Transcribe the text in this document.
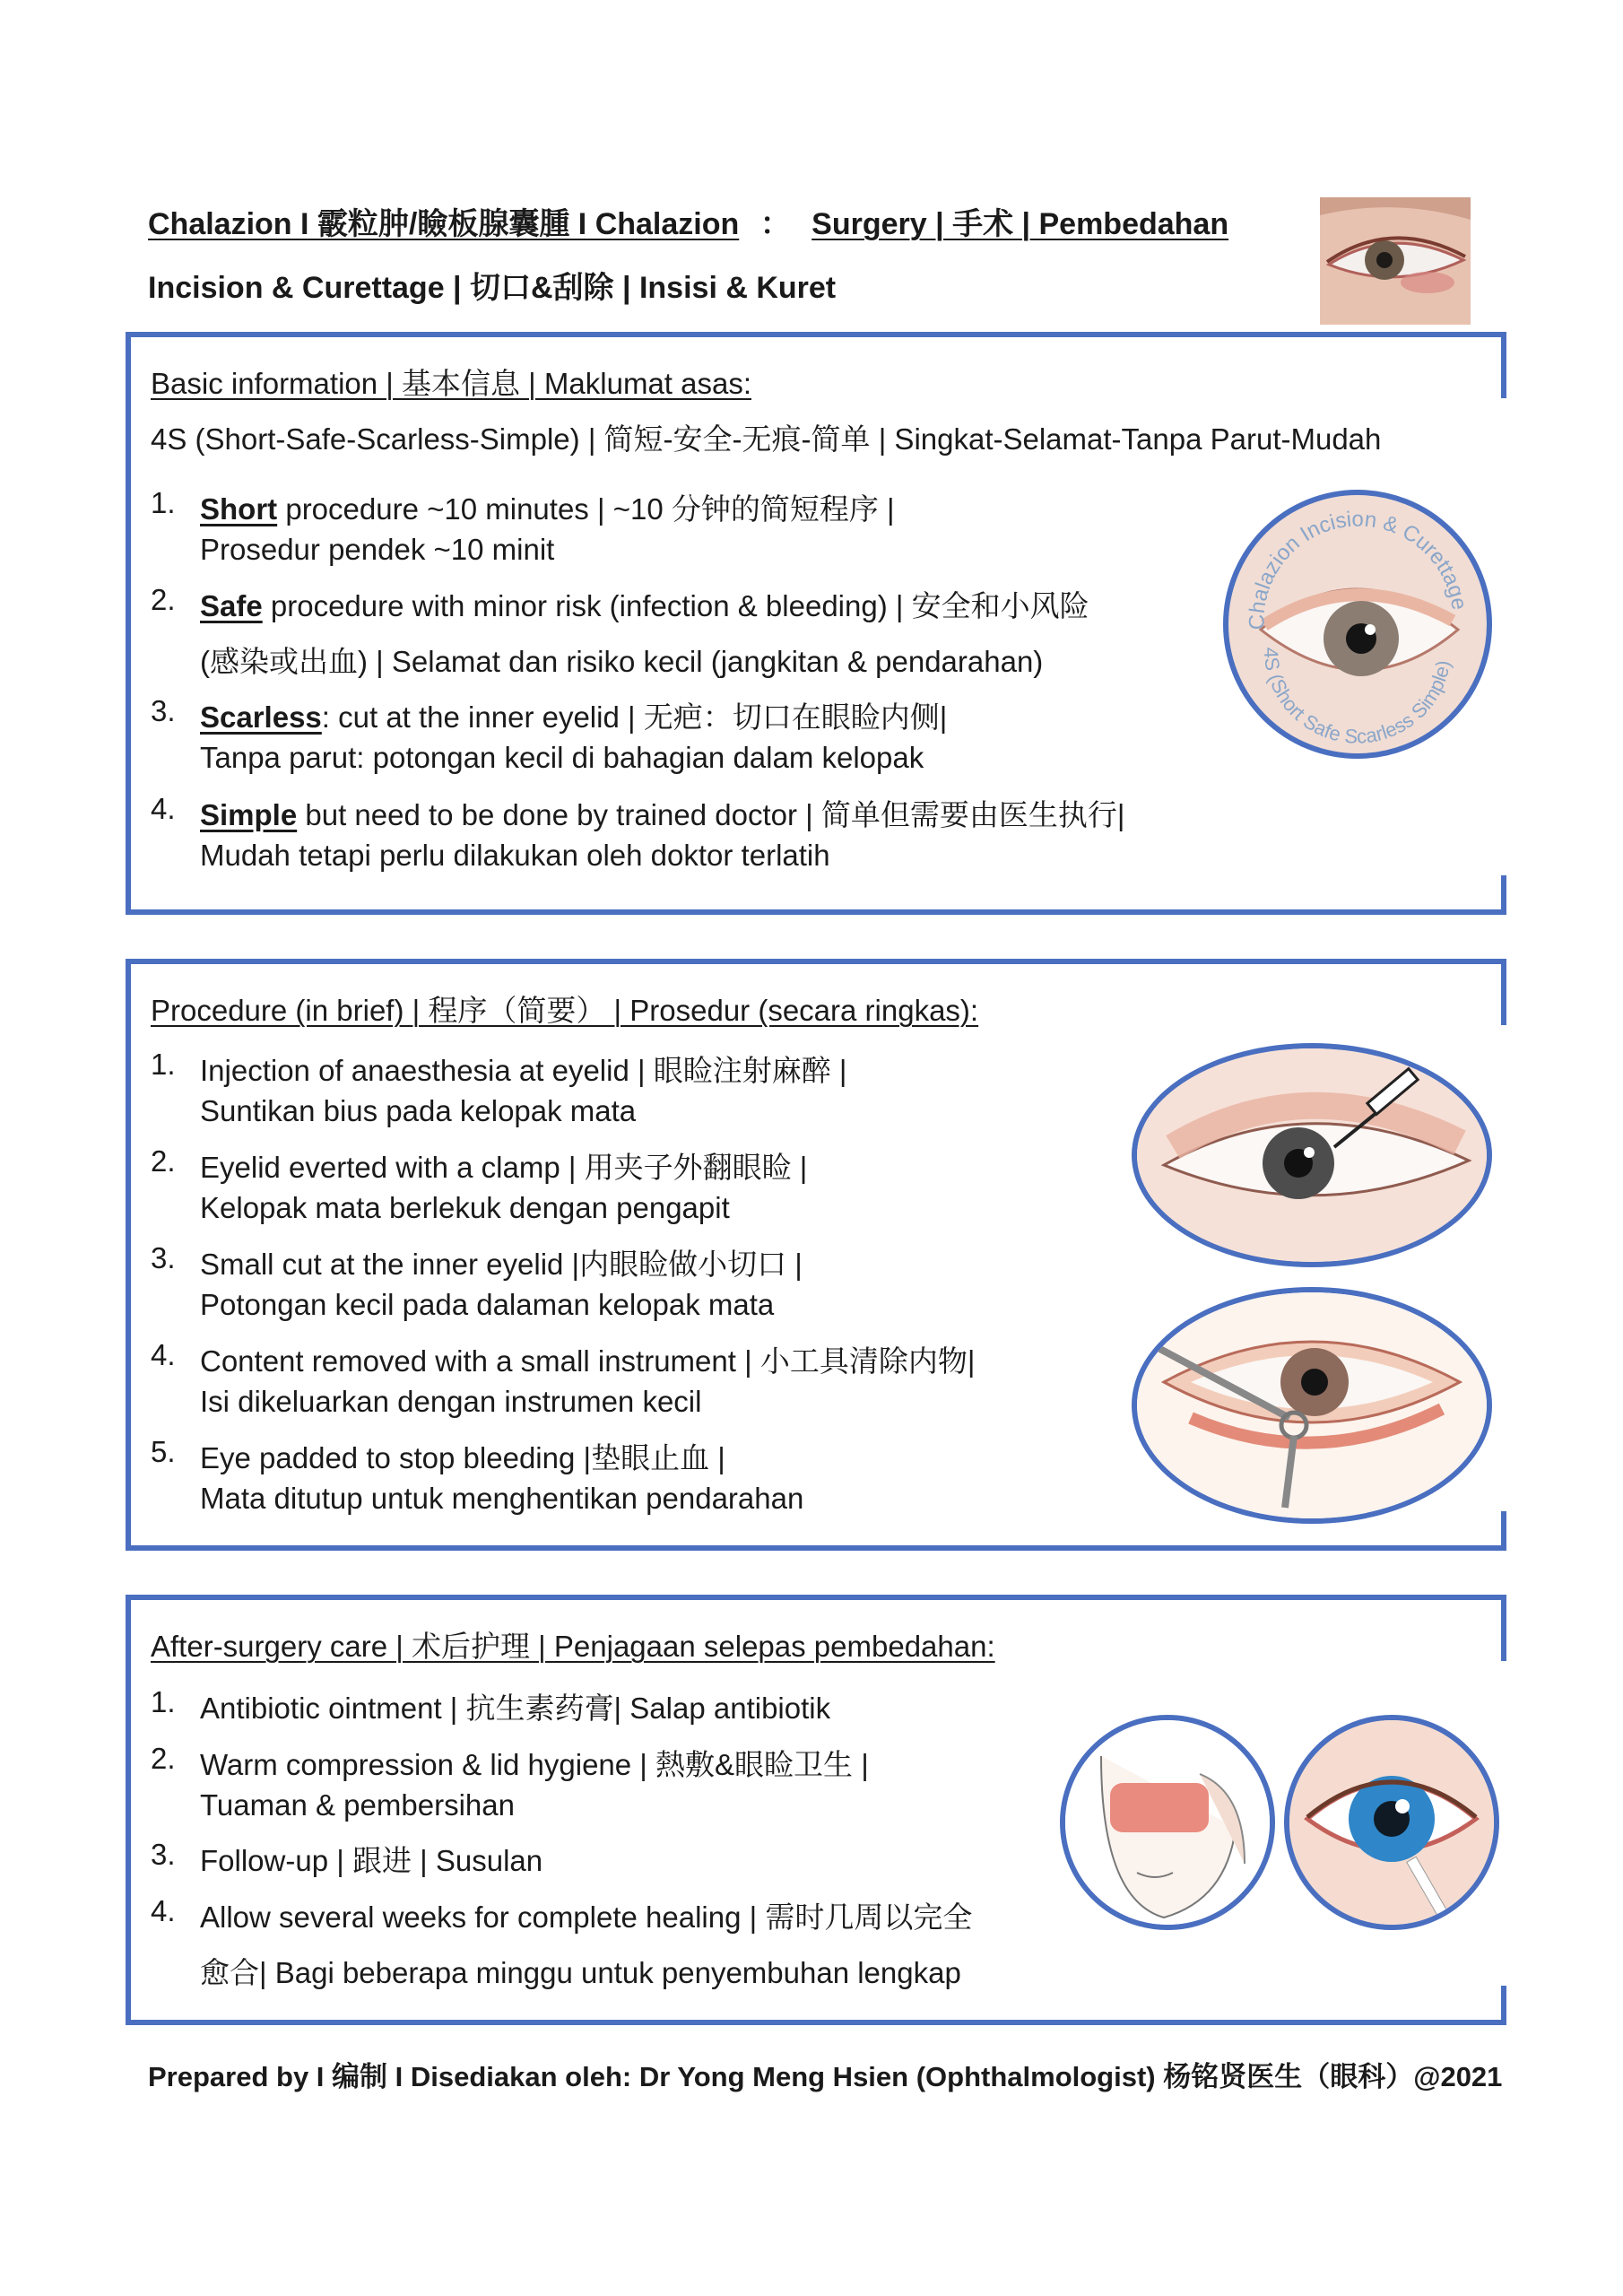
Chalazion I 霰粒肿/瞼板腺囊腫 I Chalazion ： Surgery | 手术 | Pembedahan
Incision & Curettage | 切口&刮除 | Insisi & Kuret
Basic information | 基本信息 | Maklumat asas:
4S (Short-Safe-Scarless-Simple) | 简短-安全-无痕-简单 | Singkat-Selamat-Tanpa Parut-Mudah
1. Short procedure ~10 minutes | ~10 分钟的简短程序 |
Prosedur pendek ~10 minit
2. Safe procedure with minor risk (infection & bleeding) | 安全和小风险
(感染或出血) | Selamat dan risiko kecil (jangkitan & pendarahan)
3. Scarless: cut at the inner eyelid | 无疤：切口在眼睑内侧|
Tanpa parut: potongan kecil di bahagian dalam kelopak
4. Simple but need to be done by trained doctor | 简单但需要由医生执行|
Mudah tetapi perlu dilakukan oleh doktor terlatih
Chalazion Incision & Curettage
4S (Short Safe Scarless Simple)
Procedure (in brief) | 程序（简要） | Prosedur (secara ringkas):
1. Injection of anaesthesia at eyelid | 眼睑注射麻醉 |
Suntikan bius pada kelopak mata
2. Eyelid everted with a clamp | 用夹子外翻眼睑 |
Kelopak mata berlekuk dengan pengapit
3. Small cut at the inner eyelid |内眼睑做小切口 |
Potongan kecil pada dalaman kelopak mata
4. Content removed with a small instrument | 小工具清除内物|
Isi dikeluarkan dengan instrumen kecil
5. Eye padded to stop bleeding |垫眼止血 |
Mata ditutup untuk menghentikan pendarahan
After-surgery care | 术后护理 | Penjagaan selepas pembedahan:
1. Antibiotic ointment | 抗生素药膏| Salap antibiotik
2. Warm compression & lid hygiene | 熱敷&眼睑卫生 |
Tuaman & pembersihan
3. Follow-up | 跟进 | Susulan
4. Allow several weeks for complete healing | 需时几周以完全
愈合| Bagi beberapa minggu untuk penyembuhan lengkap
Prepared by I 编制 I Disediakan oleh: Dr Yong Meng Hsien (Ophthalmologist) 杨铭贤医生（眼科）@2021
